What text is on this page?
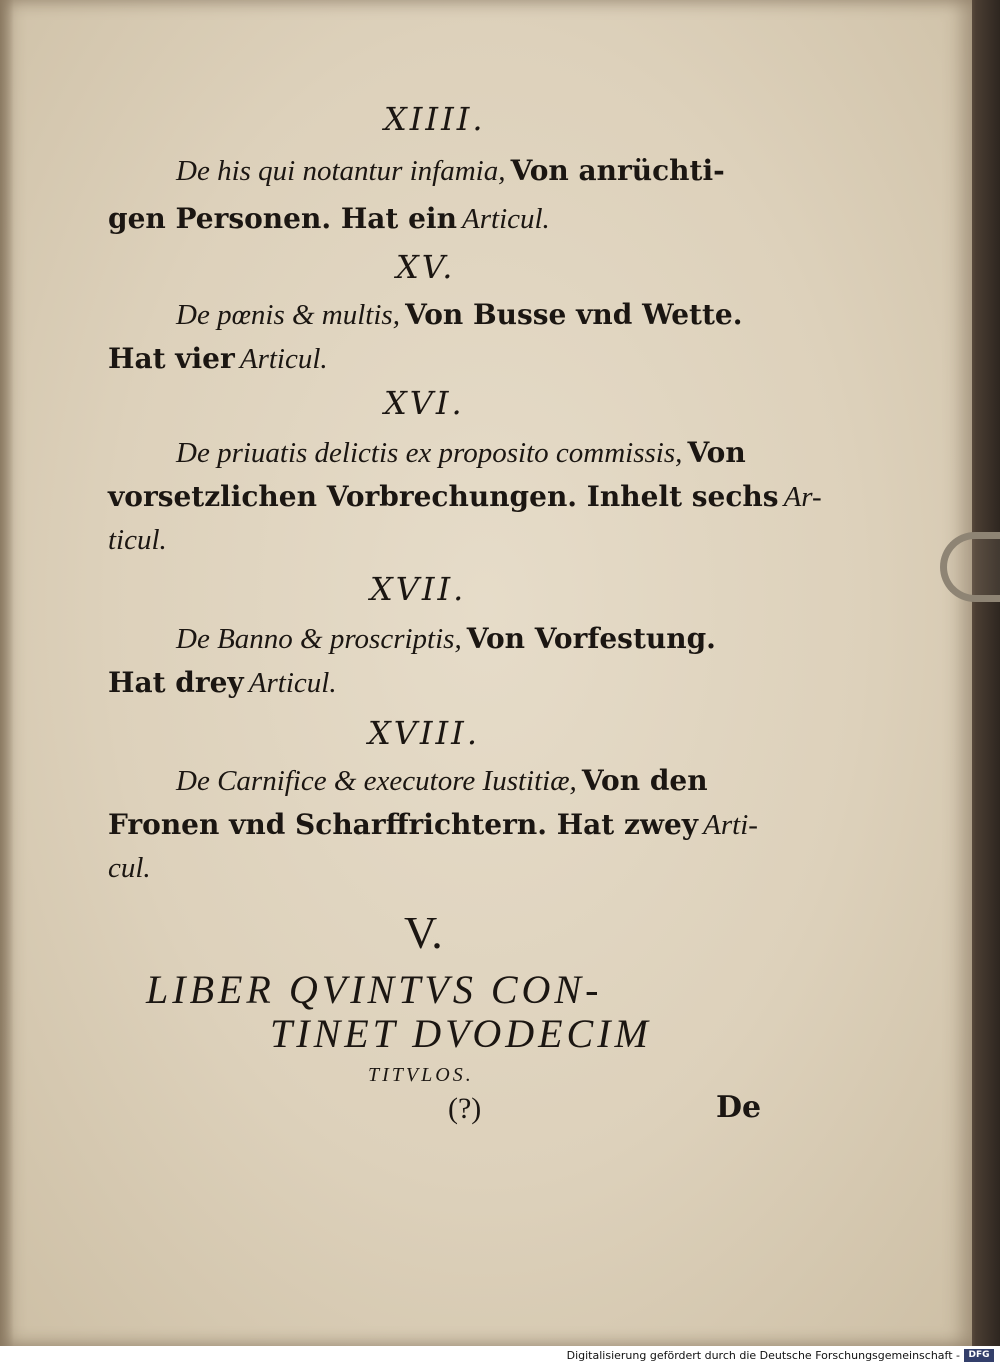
XIIII.
De his qui notantur infamia, Von anrüchti-
gen Personen. Hat ein Articul.
XV.
De pœnis & multis, Von Busse vnd Wette.
Hat vier Articul.
XVI.
De priuatis delictis ex proposito commissis, Von
vorsetzlichen Vorbrechungen. Inhelt sechs Ar-
ticul.
XVII.
De Banno & proscriptis, Von Vorfestung.
Hat drey Articul.
XVIII.
De Carnifice & executore Iustitiæ, Von den
Fronen vnd Scharffrichtern. Hat zwey Arti-
cul.
V.
LIBER QVINTVS CON-
TINET DVODECIM
TITVLOS.
(?)	De
Digitalisierung gefördert durch die Deutsche Forschungsgemeinschaft - DFG
